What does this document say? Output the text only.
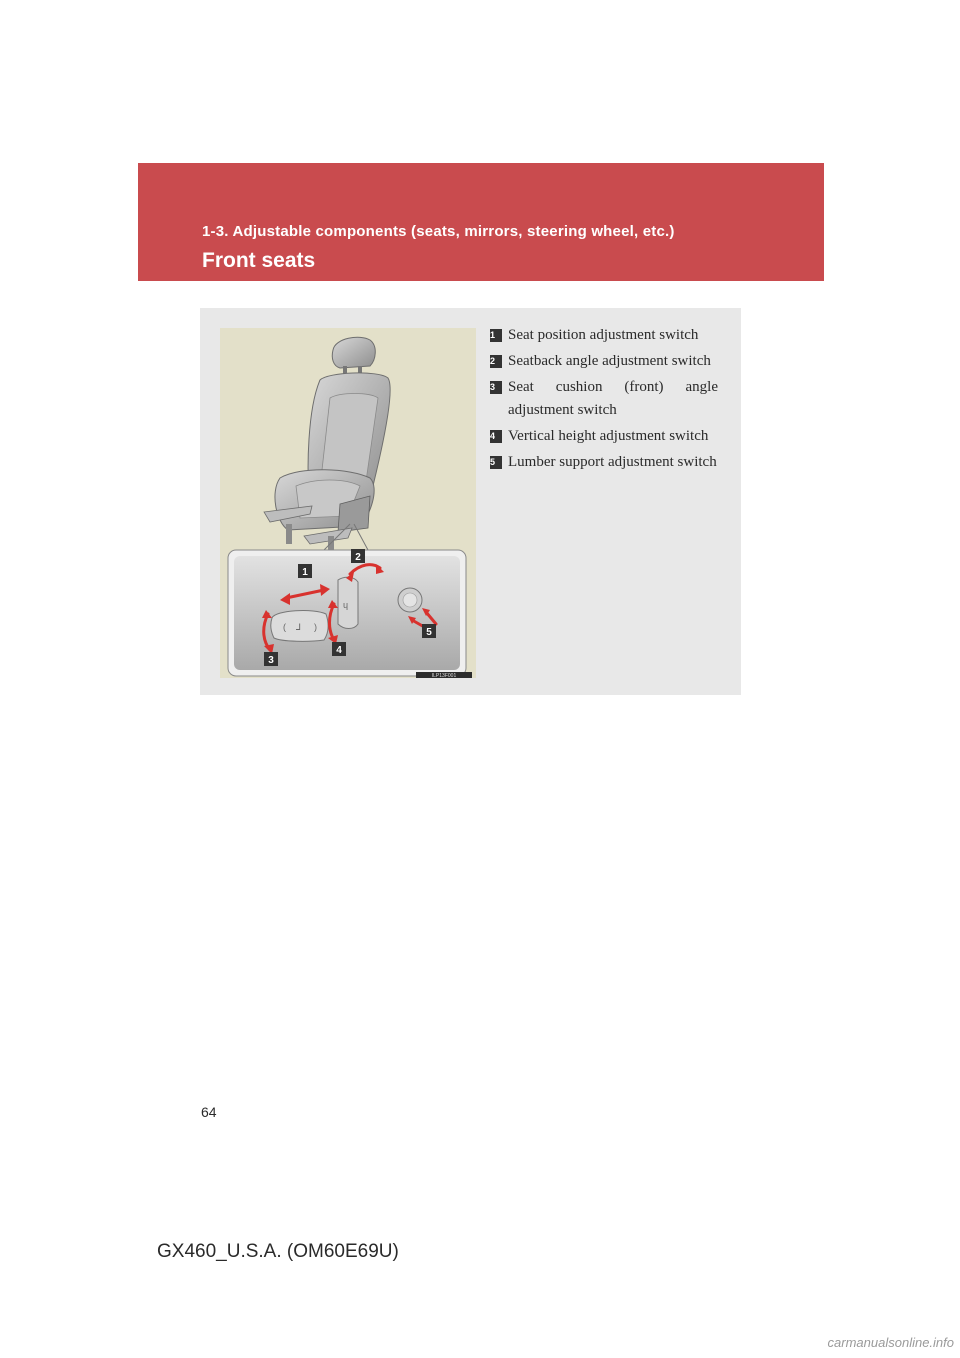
1-3. Adjustable components (seats, mirrors, steering wheel, etc.)
Front seats
( ⅃ )
ɥ
1
2
3
4
5
ILP13F001
1 Seat position adjustment switch
2 Seatback angle adjustment switch
3 Seat cushion (front) angle adjustment switch
4 Vertical height adjustment switch
5 Lumber support adjustment switch
64
GX460_U.S.A. (OM60E69U)
carmanualsonline.info
